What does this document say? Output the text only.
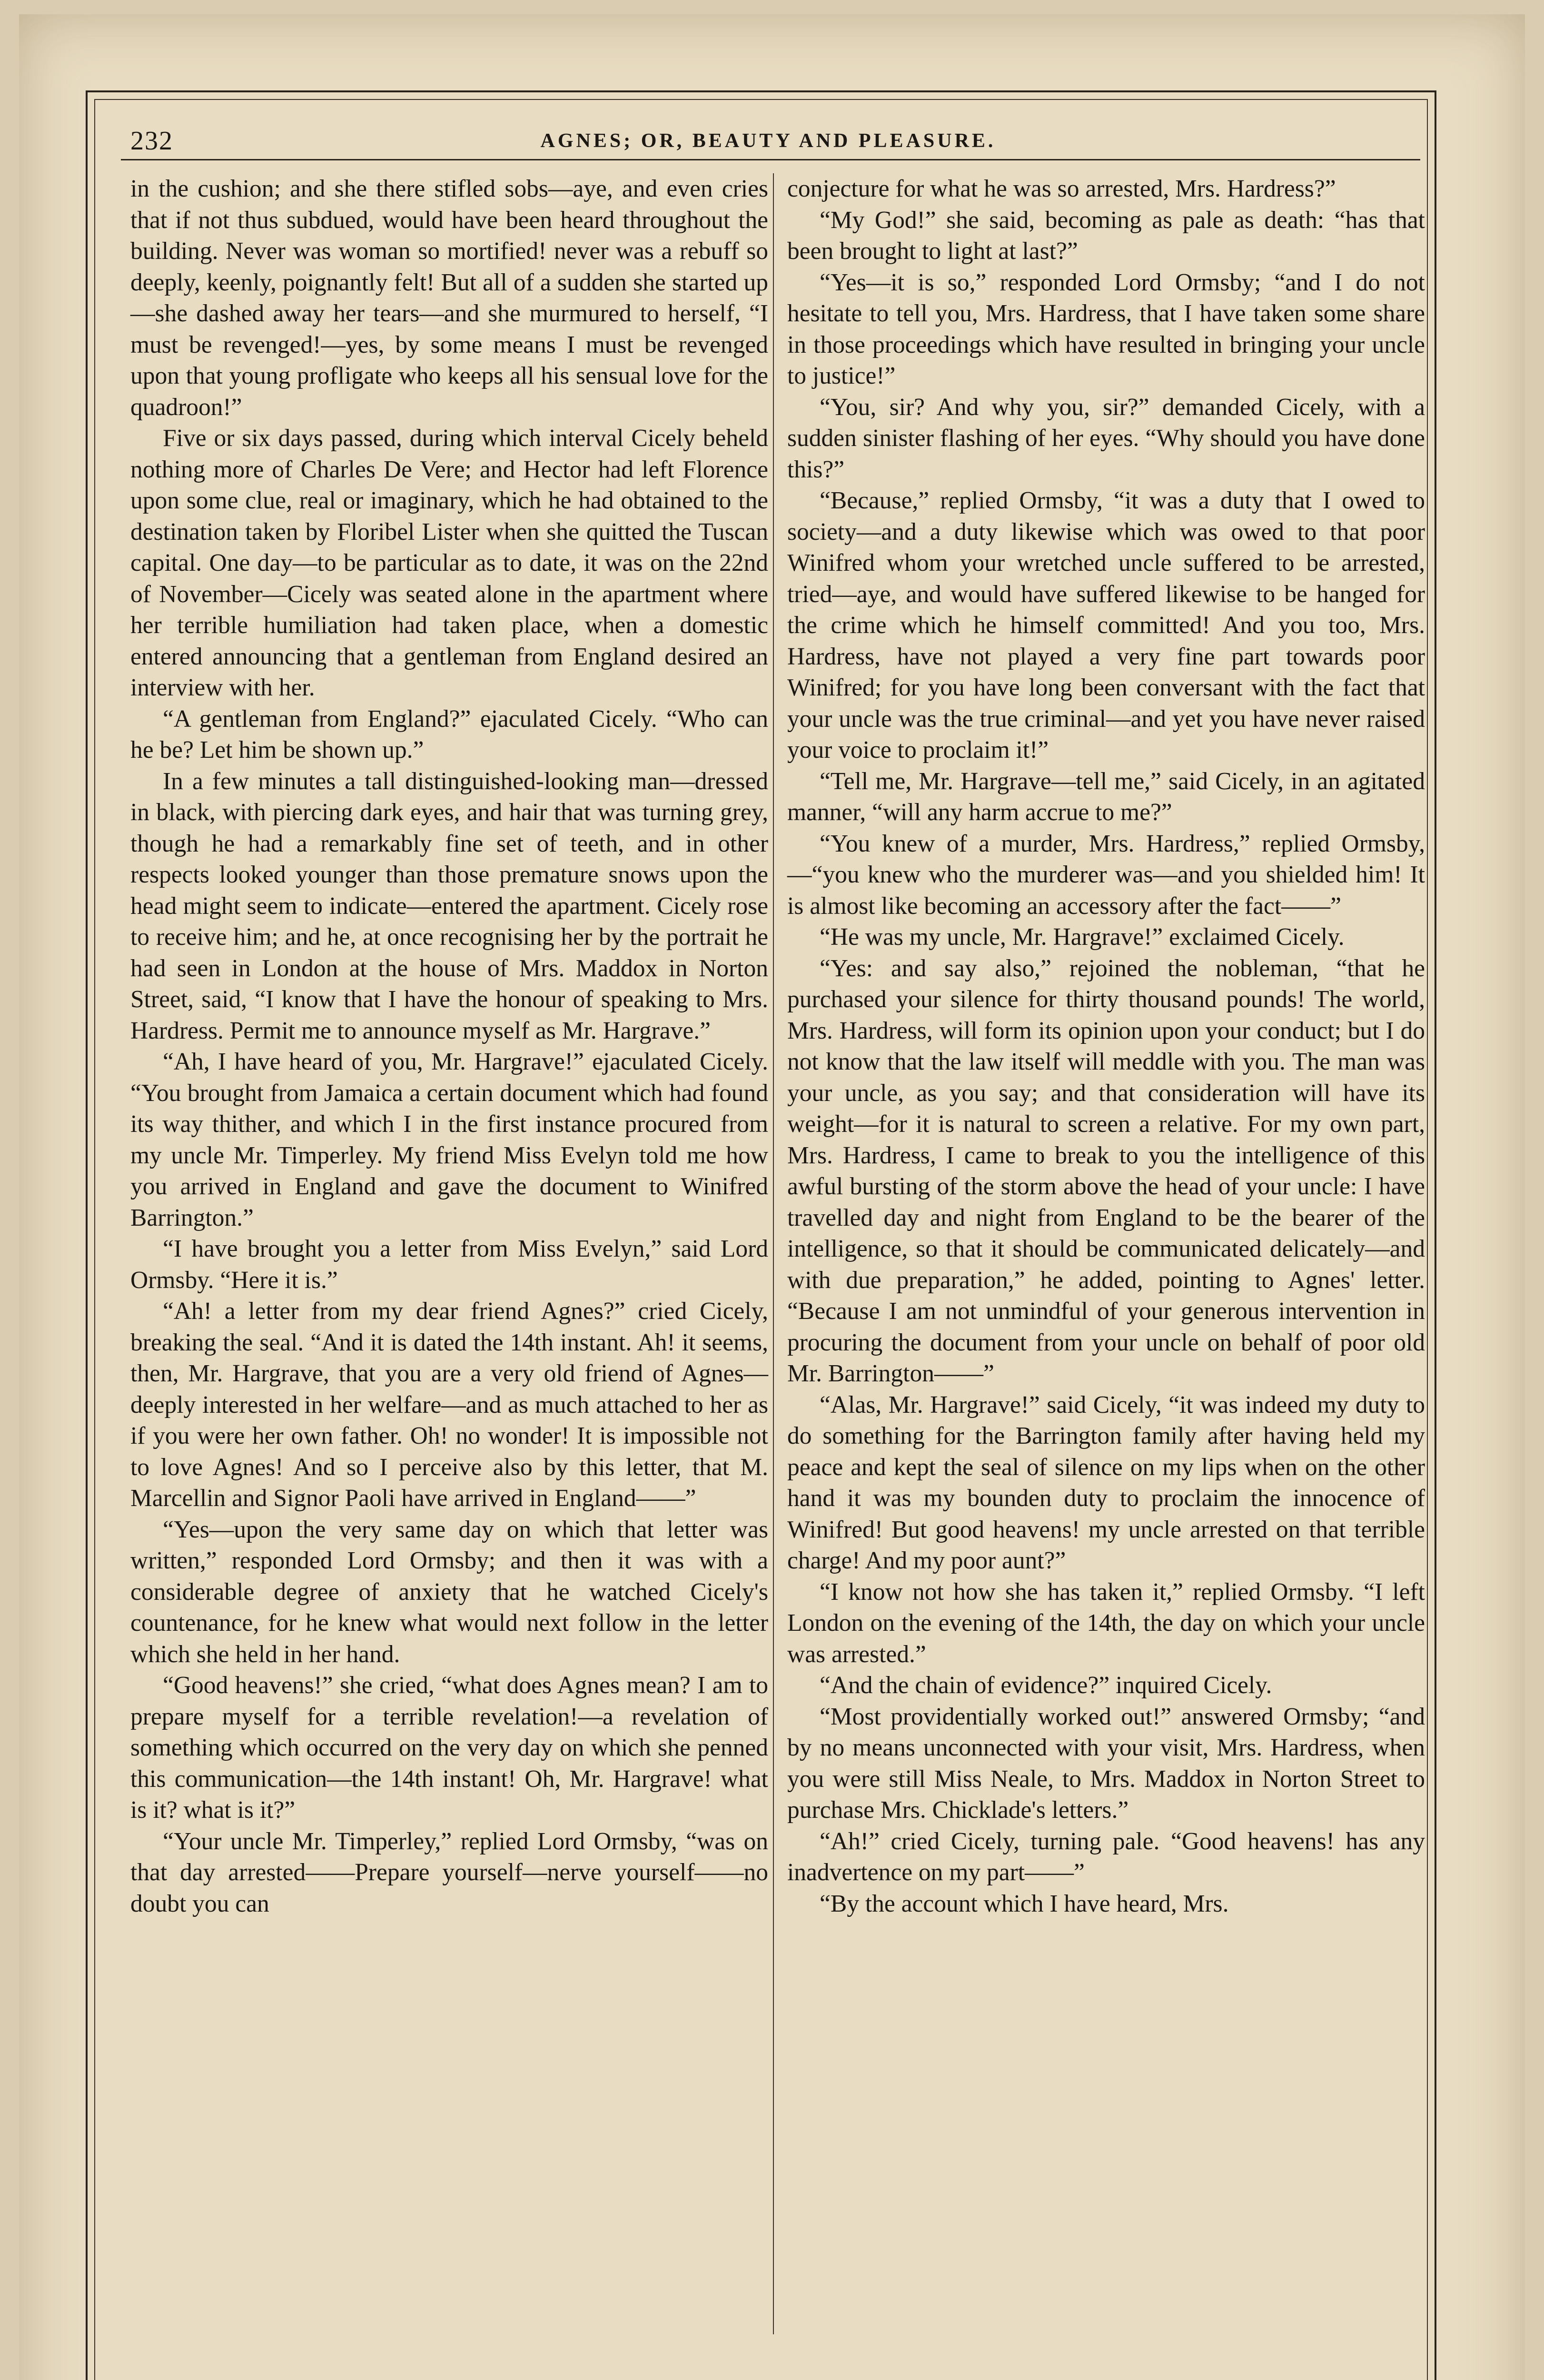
232	AGNES; OR, BEAUTY AND PLEASURE.

in the cushion; and she there stifled sobs—aye, and even cries that if not thus subdued, would have been heard throughout the building. Never was woman so mortified! never was a rebuff so deeply, keenly, poignantly felt! But all of a sudden she started up—she dashed away her tears—and she murmured to herself, “I must be revenged!—yes, by some means I must be revenged upon that young profligate who keeps all his sensual love for the quadroon!”

Five or six days passed, during which interval Cicely beheld nothing more of Charles De Vere; and Hector had left Florence upon some clue, real or imaginary, which he had obtained to the destination taken by Floribel Lister when she quitted the Tuscan capital. One day—to be particular as to date, it was on the 22nd of November—Cicely was seated alone in the apartment where her terrible humiliation had taken place, when a domestic entered announcing that a gentleman from England desired an interview with her.

“A gentleman from England?” ejaculated Cicely. “Who can he be? Let him be shown up.”

In a few minutes a tall distinguished-looking man—dressed in black, with piercing dark eyes, and hair that was turning grey, though he had a remarkably fine set of teeth, and in other respects looked younger than those premature snows upon the head might seem to indicate—entered the apartment. Cicely rose to receive him; and he, at once recognising her by the portrait he had seen in London at the house of Mrs. Maddox in Norton Street, said, “I know that I have the honour of speaking to Mrs. Hardress. Permit me to announce myself as Mr. Hargrave.”

“Ah, I have heard of you, Mr. Hargrave!” ejaculated Cicely. “You brought from Jamaica a certain document which had found its way thither, and which I in the first instance procured from my uncle Mr. Timperley. My friend Miss Evelyn told me how you arrived in England and gave the document to Winifred Barrington.”

“I have brought you a letter from Miss Evelyn,” said Lord Ormsby. “Here it is.”

“Ah! a letter from my dear friend Agnes?” cried Cicely, breaking the seal. “And it is dated the 14th instant. Ah! it seems, then, Mr. Hargrave, that you are a very old friend of Agnes—deeply interested in her welfare—and as much attached to her as if you were her own father. Oh! no wonder! It is impossible not to love Agnes! And so I perceive also by this letter, that M. Marcellin and Signor Paoli have arrived in England——”

“Yes—upon the very same day on which that letter was written,” responded Lord Ormsby; and then it was with a considerable degree of anxiety that he watched Cicely's countenance, for he knew what would next follow in the letter which she held in her hand.

“Good heavens!” she cried, “what does Agnes mean? I am to prepare myself for a terrible revelation!—a revelation of something which occurred on the very day on which she penned this communication—the 14th instant! Oh, Mr. Hargrave! what is it? what is it?”

“Your uncle Mr. Timperley,” replied Lord Ormsby, “was on that day arrested——Prepare yourself—nerve yourself——no doubt you can

conjecture for what he was so arrested, Mrs. Hardress?”

“My God!” she said, becoming as pale as death: “has that been brought to light at last?”

“Yes—it is so,” responded Lord Ormsby; “and I do not hesitate to tell you, Mrs. Hardress, that I have taken some share in those proceedings which have resulted in bringing your uncle to justice!”

“You, sir? And why you, sir?” demanded Cicely, with a sudden sinister flashing of her eyes. “Why should you have done this?”

“Because,” replied Ormsby, “it was a duty that I owed to society—and a duty likewise which was owed to that poor Winifred whom your wretched uncle suffered to be arrested, tried—aye, and would have suffered likewise to be hanged for the crime which he himself committed! And you too, Mrs. Hardress, have not played a very fine part towards poor Winifred; for you have long been conversant with the fact that your uncle was the true criminal—and yet you have never raised your voice to proclaim it!”

“Tell me, Mr. Hargrave—tell me,” said Cicely, in an agitated manner, “will any harm accrue to me?”

“You knew of a murder, Mrs. Hardress,” replied Ormsby,—“you knew who the murderer was—and you shielded him! It is almost like becoming an accessory after the fact——”

“He was my uncle, Mr. Hargrave!” exclaimed Cicely.

“Yes: and say also,” rejoined the nobleman, “that he purchased your silence for thirty thousand pounds! The world, Mrs. Hardress, will form its opinion upon your conduct; but I do not know that the law itself will meddle with you. The man was your uncle, as you say; and that consideration will have its weight—for it is natural to screen a relative. For my own part, Mrs. Hardress, I came to break to you the intelligence of this awful bursting of the storm above the head of your uncle: I have travelled day and night from England to be the bearer of the intelligence, so that it should be communicated delicately—and with due preparation,” he added, pointing to Agnes' letter. “Because I am not unmindful of your generous intervention in procuring the document from your uncle on behalf of poor old Mr. Barrington——”

“Alas, Mr. Hargrave!” said Cicely, “it was indeed my duty to do something for the Barrington family after having held my peace and kept the seal of silence on my lips when on the other hand it was my bounden duty to proclaim the innocence of Winifred! But good heavens! my uncle arrested on that terrible charge! And my poor aunt?”

“I know not how she has taken it,” replied Ormsby. “I left London on the evening of the 14th, the day on which your uncle was arrested.”

“And the chain of evidence?” inquired Cicely.

“Most providentially worked out!” answered Ormsby; “and by no means unconnected with your visit, Mrs. Hardress, when you were still Miss Neale, to Mrs. Maddox in Norton Street to purchase Mrs. Chicklade's letters.”

“Ah!” cried Cicely, turning pale. “Good heavens! has any inadvertence on my part——”

“By the account which I have heard, Mrs.
